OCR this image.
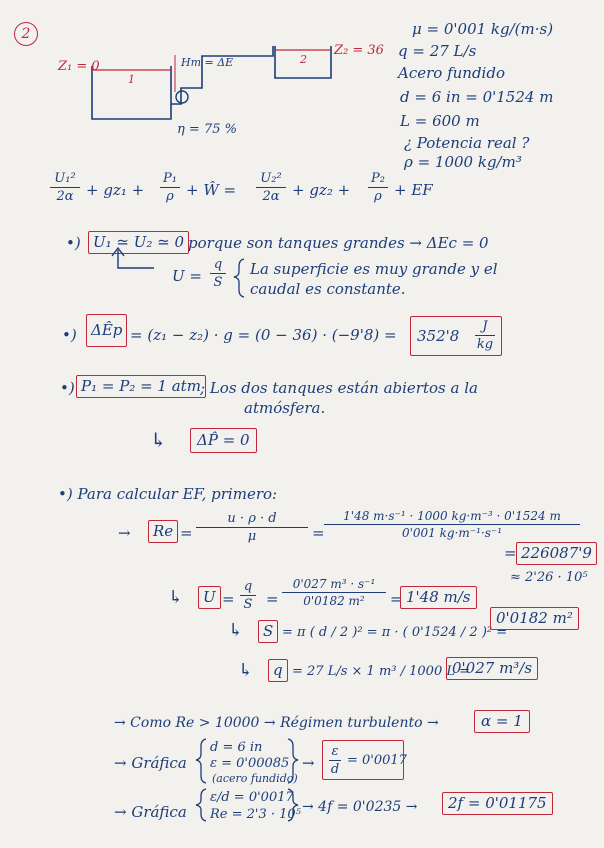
2
Z₁ = 0
Z₂ = 36
1
2
Hm = ΔE
η = 75 %
μ = 0'001 kg/(m·s)
q = 27 L/s
Acero fundido
d = 6 in = 0'1524 m
L = 600 m
¿ Potencia real ?
ρ = 1000 kg/m³
U₁²
2α + gz₁ +
P₁
ρ + Ŵ =
U₂²
2α + gz₂ +
P₂
ρ + EF
•) U₁ ≃ U₂ ≃ 0 porque son tanques grandes → ΔEc = 0
U =
q
S
La superficie es muy grande y el
caudal es constante.
•) ΔÊp = (z₁ − z₂) · g = (0 − 36) · (−9'8) = 352'8
J
kg
•) P₁ = P₂ = 1 atm ; Los dos tanques están abiertos a la
atmósfera.
↳	ΔP̂ = 0
•) Para calcular EF, primero:
→	Re =
u · ρ · d
μ	=
1'48 m·s⁻¹ · 1000 kg·m⁻³ · 0'1524 m
0'001 kg·m⁻¹·s⁻¹
= 226087'9
≈ 2'26 · 10⁵
↳	U =
q
S =
0'027 m³ · s⁻¹
0'0182 m²	= 1'48 m/s
↳	S = π ( d / 2 )² = π · ( 0'1524 / 2 )² =
0'0182 m²
↳	q = 27 L/s × 1 m³ / 1000 L =
0'027 m³/s
→ Como Re > 10000 → Régimen turbulento →	α = 1
→ Gráfica
d = 6 in
ε = 0'00085
(acero fundido)
→
ε
d
= 0'0017
→ Gráfica
ε/d = 0'0017
Re = 2'3 · 10⁵ → 4f = 0'0235 →	2f = 0'01175
